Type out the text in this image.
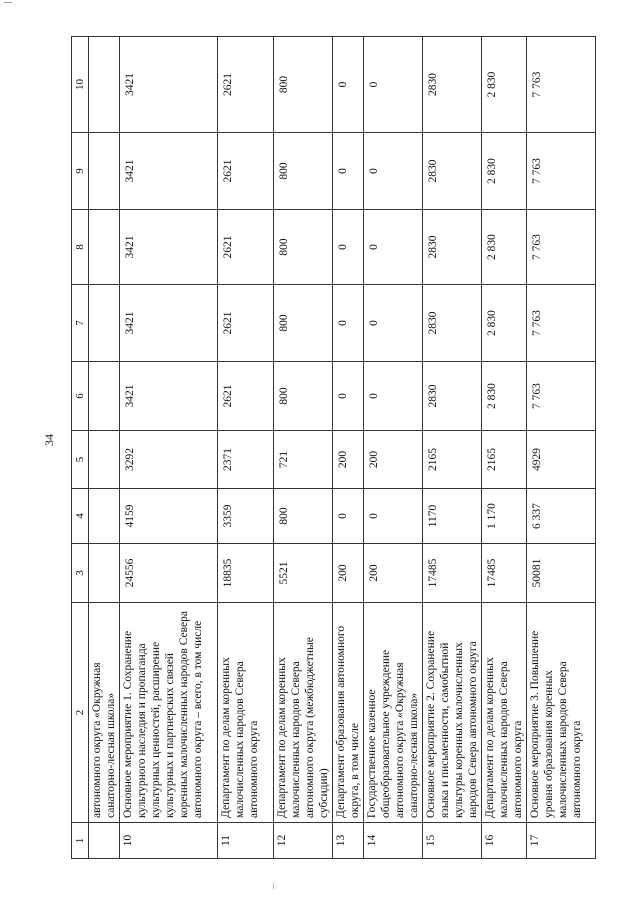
34
1	2	3	4	5	6	7	8	9	10
	автономного округа «Окружная санаторно-лесная школа»								
10	Основное мероприятие 1. Сохранение культурного наследия и пропаганда культурных ценностей, расширение культурных и партнерских связей коренных малочисленных народов Севера автономного округа – всего, в том числе	24556	4159	3292	3421	3421	3421	3421	3421
11	Департамент по делам коренных малочисленных народов Севера автономного округа	18835	3359	2371	2621	2621	2621	2621	2621
12	Департамент по делам коренных малочисленных народов Севера автономного округа (межбюджетные субсидии)	5521	800	721	800	800	800	800	800
13	Департамент образования автономного округа, в том числе	200	0	200	0	0	0	0	0
14	Государственное казенное общеобразовательное учреждение автономного округа «Окружная санаторно-лесная школа»	200	0	200	0	0	0	0	0
15	Основное мероприятие 2. Сохранение языка и письменности, самобытной культуры коренных малочисленных народов Севера автономного округа	17485	1170	2165	2830	2830	2830	2830	2830
16	Департамент по делам коренных малочисленных народов Севера автономного округа	17485	1 170	2165	2 830	2 830	2 830	2 830	2 830
17	Основное мероприятие 3. Повышение уровня образования коренных малочисленных народов Севера автономного округа	50081	6 337	4929	7 763	7 763	7 763	7 763	7 763
